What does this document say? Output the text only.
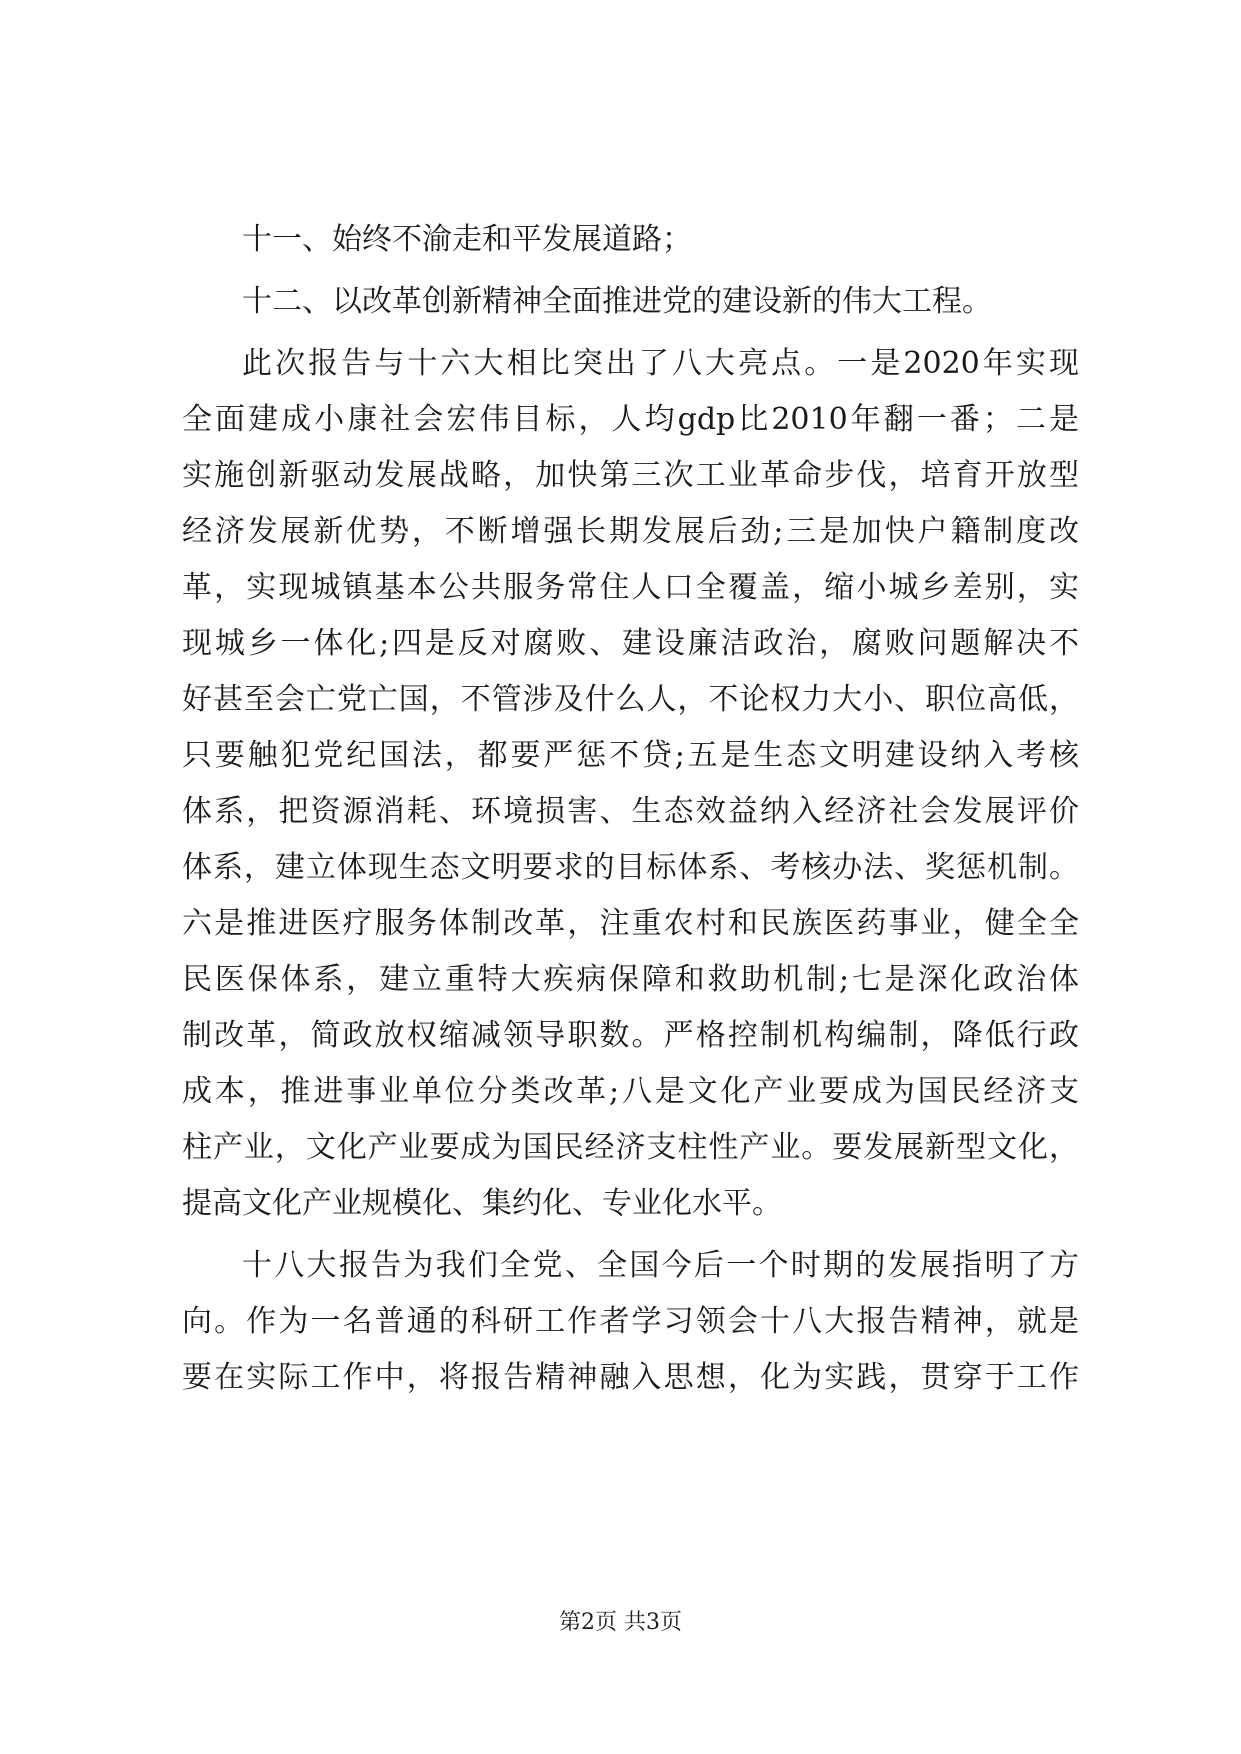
十一、始终不渝走和平发展道路；
十二、以改革创新精神全面推进党的建设新的伟大工程。
此次报告与十六大相比突出了八大亮点。一是2020年实现
全面建成小康社会宏伟目标，人均gdp比2010年翻一番；二是
实施创新驱动发展战略，加快第三次工业革命步伐，培育开放型
经济发展新优势，不断增强长期发展后劲;三是加快户籍制度改
革，实现城镇基本公共服务常住人口全覆盖，缩小城乡差别，实
现城乡一体化;四是反对腐败、建设廉洁政治，腐败问题解决不
好甚至会亡党亡国，不管涉及什么人，不论权力大小、职位高低，
只要触犯党纪国法，都要严惩不贷;五是生态文明建设纳入考核
体系，把资源消耗、环境损害、生态效益纳入经济社会发展评价
体系，建立体现生态文明要求的目标体系、考核办法、奖惩机制。
六是推进医疗服务体制改革，注重农村和民族医药事业，健全全
民医保体系，建立重特大疾病保障和救助机制;七是深化政治体
制改革，简政放权缩减领导职数。严格控制机构编制，降低行政
成本，推进事业单位分类改革;八是文化产业要成为国民经济支
柱产业，文化产业要成为国民经济支柱性产业。要发展新型文化，
提高文化产业规模化、集约化、专业化水平。
十八大报告为我们全党、全国今后一个时期的发展指明了方
向。作为一名普通的科研工作者学习领会十八大报告精神，就是
要在实际工作中，将报告精神融入思想，化为实践，贯穿于工作
第2页 共3页
